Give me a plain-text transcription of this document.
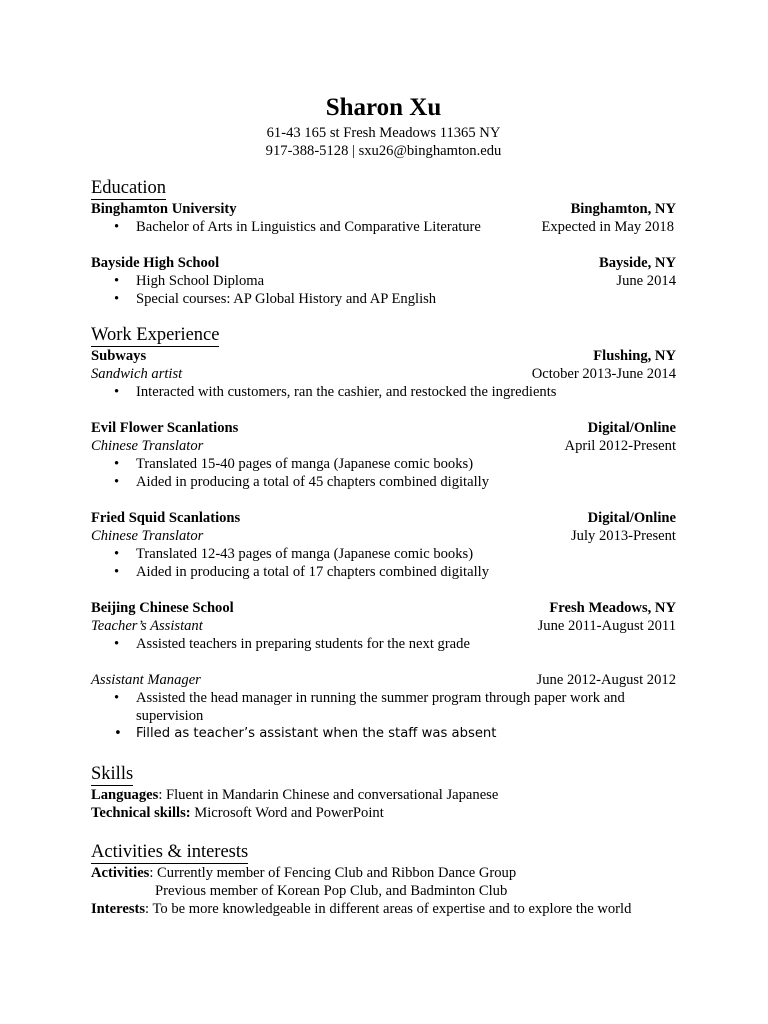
Sharon Xu
61-43 165 st Fresh Meadows 11365 NY
917-388-5128 | sxu26@binghamton.edu
Education
Binghamton University	Binghamton, NY
• Bachelor of Arts in Linguistics and Comparative Literature	Expected in May 2018
Bayside High School	Bayside, NY
• High School Diploma	June 2014
• Special courses: AP Global History and AP English
Work Experience
Subways	Flushing, NY
Sandwich artist	October 2013-June 2014
• Interacted with customers, ran the cashier, and restocked the ingredients
Evil Flower Scanlations	Digital/Online
Chinese Translator	April 2012-Present
• Translated 15-40 pages of manga (Japanese comic books)
• Aided in producing a total of 45 chapters combined digitally
Fried Squid Scanlations	Digital/Online
Chinese Translator	July 2013-Present
• Translated 12-43 pages of manga (Japanese comic books)
• Aided in producing a total of 17 chapters combined digitally
Beijing Chinese School	Fresh Meadows, NY
Teacher’s Assistant	June 2011-August 2011
• Assisted teachers in preparing students for the next grade
Assistant Manager	June 2012-August 2012
• Assisted the head manager in running the summer program through paper work and supervision
• Filled as teacher’s assistant when the staff was absent
Skills
Languages: Fluent in Mandarin Chinese and conversational Japanese
Technical skills: Microsoft Word and PowerPoint
Activities & interests
Activities: Currently member of Fencing Club and Ribbon Dance Group
Previous member of Korean Pop Club, and Badminton Club
Interests: To be more knowledgeable in different areas of expertise and to explore the world
